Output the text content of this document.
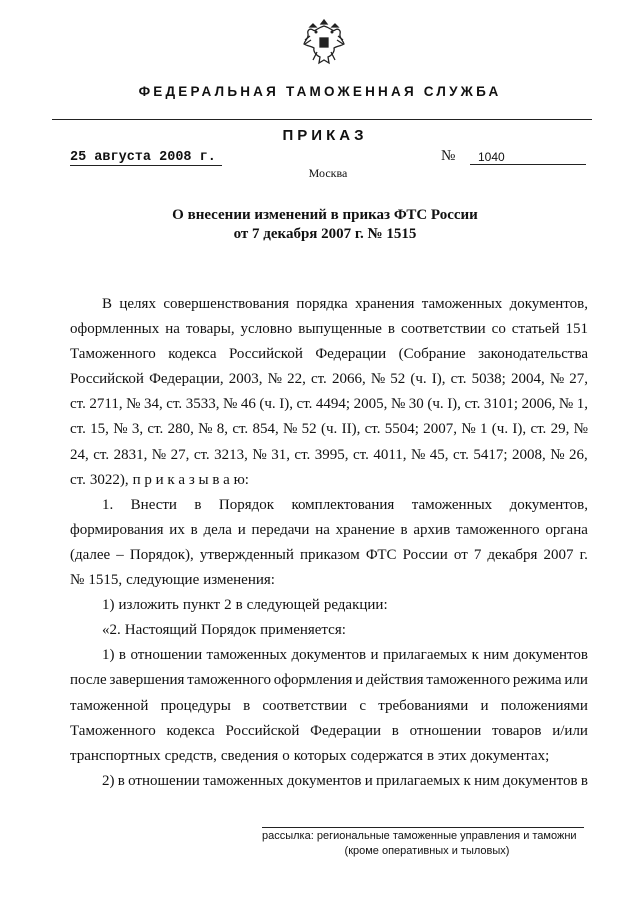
ФЕДЕРАЛЬНАЯ ТАМОЖЕННАЯ СЛУЖБА
ПРИКАЗ
25 августа 2008 г.	№	1040
Москва
О внесении изменений в приказ ФТС России
от 7 декабря 2007 г. № 1515
В целях совершенствования порядка хранения таможенных документов,
оформленных на товары, условно выпущенные в соответствии со статьей 151
Таможенного кодекса Российской Федерации (Собрание законодательства
Российской Федерации, 2003, № 22, ст. 2066, № 52 (ч. I), ст. 5038; 2004, № 27,
ст. 2711, № 34, ст. 3533, № 46 (ч. I), ст. 4494; 2005, № 30 (ч. I), ст. 3101; 2006, № 1,
ст. 15, № 3, ст. 280, № 8, ст. 854, № 52 (ч. II), ст. 5504; 2007, № 1 (ч. I), ст. 29, №
24, ст. 2831, № 27, ст. 3213, № 31, ст. 3995, ст. 4011, № 45, ст. 5417; 2008, № 26,
ст. 3022), п р и к а з ы в а ю:
1. Внести в Порядок комплектования таможенных документов,
формирования их в дела и передачи на хранение в архив таможенного органа
(далее – Порядок), утвержденный приказом ФТС России от 7 декабря 2007 г.
№ 1515, следующие изменения:
1) изложить пункт 2 в следующей редакции:
«2. Настоящий Порядок применяется:
1) в отношении таможенных документов и прилагаемых к ним документов
после завершения таможенного оформления и действия таможенного режима или
таможенной процедуры в соответствии с требованиями и положениями
Таможенного кодекса Российской Федерации в отношении товаров и/или
транспортных средств, сведения о которых содержатся в этих документах;
2) в отношении таможенных документов и прилагаемых к ним документов в
рассылка: региональные таможенные управления и таможни
(кроме оперативных и тыловых)
